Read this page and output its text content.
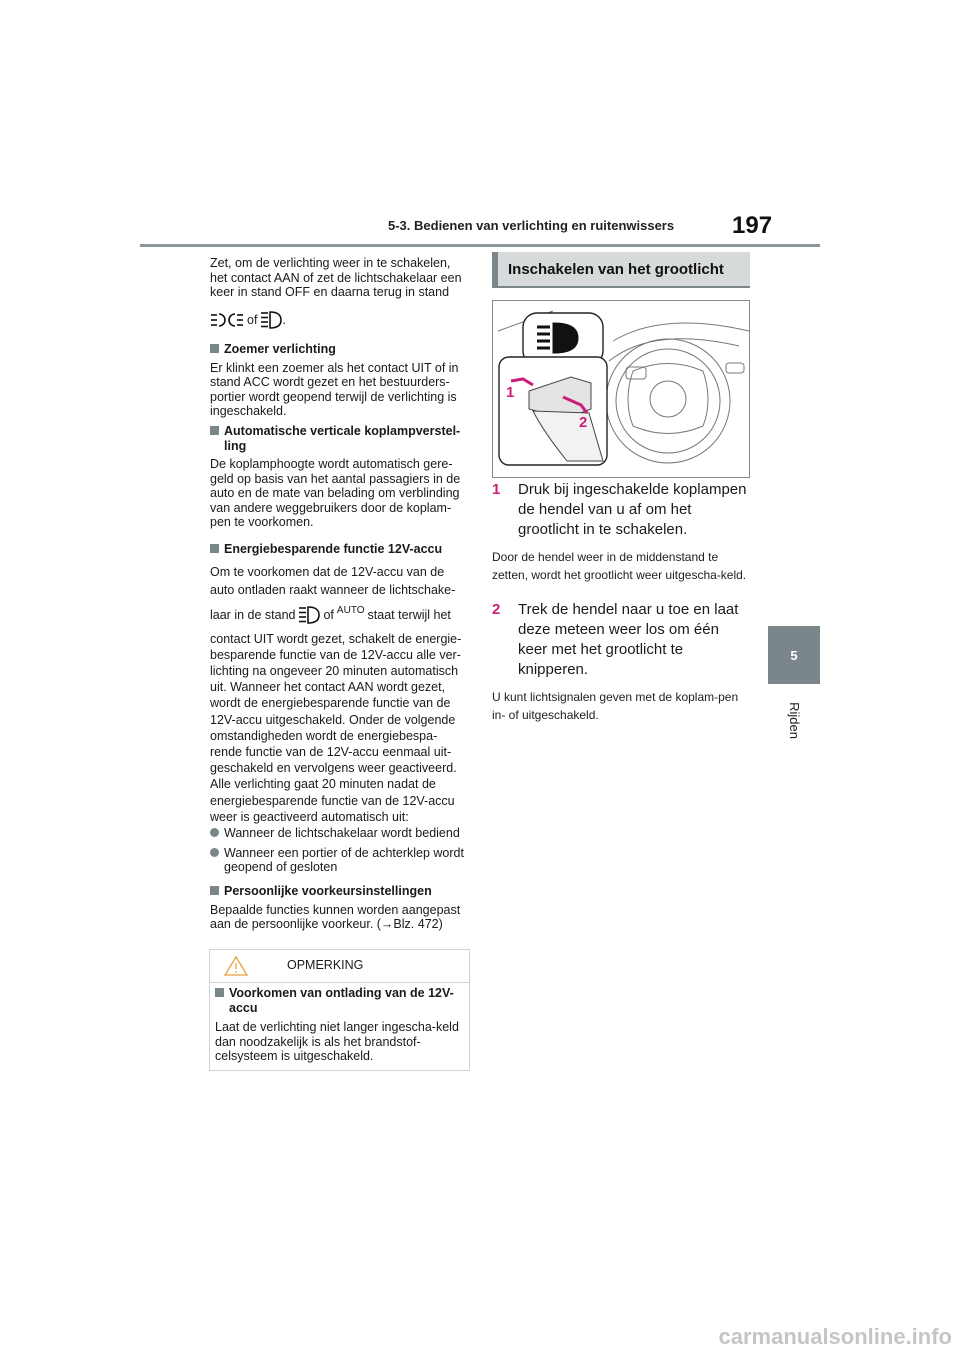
5-3. Bedienen van verlichting en ruitenwissers	197
5
Rijden

Zet, om de verlichting weer in te schakelen,

het contact AAN of zet de lichtschakelaar een

keer in stand OFF en daarna terug in stand

of .

Zoemer verlichting

Er klinkt een zoemer als het contact UIT of in stand ACC wordt gezet en het bestuurders-portier wordt geopend terwijl de verlichting is ingeschakeld.

Automatische verticale koplampverstel-

ling

De koplamphoogte wordt automatisch gere-geld op basis van het aantal passagiers in de auto en de mate van belading om verblinding van andere weggebruikers door de koplam-pen te voorkomen.

Energiebesparende functie 12V-accu

Om te voorkomen dat de 12V-accu van de auto ontladen raakt wanneer de lichtschake-

laar in de stand of AUTO staat terwijl het

contact UIT wordt gezet, schakelt de energie-besparende functie van de 12V-accu alle ver-lichting na ongeveer 20 minuten automatisch uit. Wanneer het contact AAN wordt gezet, wordt de energiebesparende functie van de 12V-accu uitgeschakeld. Onder de volgende omstandigheden wordt de energiebespa-rende functie van de 12V-accu eenmaal uit-geschakeld en vervolgens weer geactiveerd. Alle verlichting gaat 20 minuten nadat de energiebesparende functie van de 12V-accu weer is geactiveerd automatisch uit:

Wanneer de lichtschakelaar wordt bediend

Wanneer een portier of de achterklep wordt geopend of gesloten

Persoonlijke voorkeursinstellingen

Bepaalde functies kunnen worden aangepast aan de persoonlijke voorkeur. (→Blz. 472)

OPMERKING

Voorkomen van ontlading van de 12V-accu

Laat de verlichting niet langer ingescha-keld dan noodzakelijk is als het brandstof-celsysteem is uitgeschakeld.

Inschakelen van het grootlicht
1
2
1	Druk bij ingeschakelde koplampen de hendel van u af om het grootlicht in te schakelen.

Door de hendel weer in de middenstand te zetten, wordt het grootlicht weer uitgescha-keld.

2	Trek de hendel naar u toe en laat deze meteen weer los om één keer met het grootlicht te knipperen.

U kunt lichtsignalen geven met de koplam-pen in- of uitgeschakeld.

carmanualsonline.info
